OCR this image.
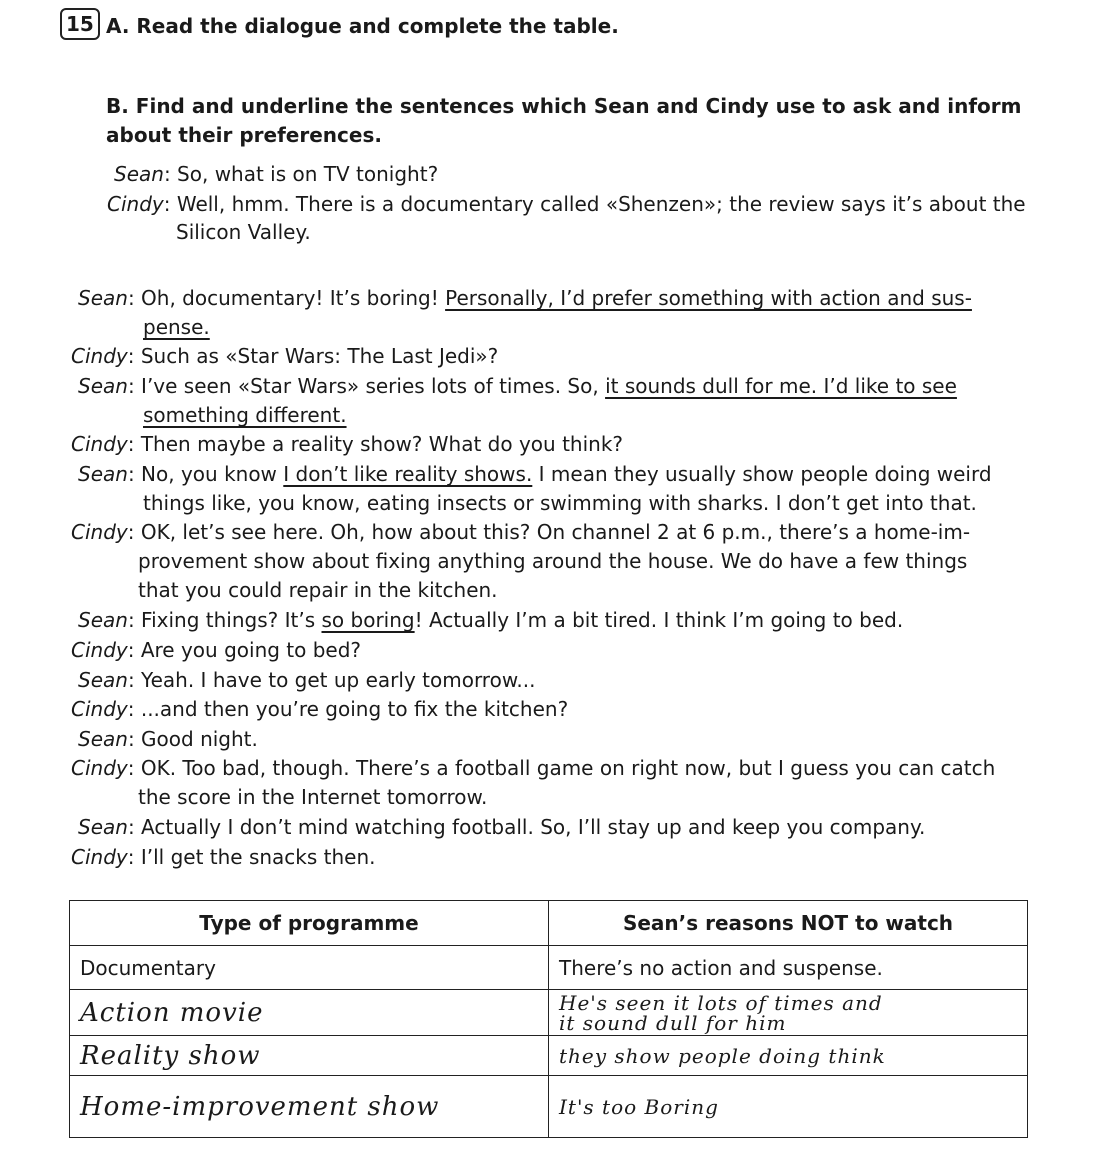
15 A. Read the dialogue and complete the table.
B. Find and underline the sentences which Sean and Cindy use to ask and inform about their preferences.
Sean: So, what is on TV tonight?
Cindy: Well, hmm. There is a documentary called «Shenzen»; the review says it’s about the
Silicon Valley.
Sean: Oh, documentary! It’s boring! Personally, I’d prefer something with action and sus-
pense.
Cindy: Such as «Star Wars: The Last Jedi»?
Sean: I’ve seen «Star Wars» series lots of times. So, it sounds dull for me. I’d like to see
something different.
Cindy: Then maybe a reality show? What do you think?
Sean: No, you know I don’t like reality shows. I mean they usually show people doing weird
things like, you know, eating insects or swimming with sharks. I don’t get into that.
Cindy: OK, let’s see here. Oh, how about this? On channel 2 at 6 p.m., there’s a home-im-
provement show about fixing anything around the house. We do have a few things
that you could repair in the kitchen.
Sean: Fixing things? It’s so boring! Actually I’m a bit tired. I think I’m going to bed.
Cindy: Are you going to bed?
Sean: Yeah. I have to get up early tomorrow...
Cindy: ...and then you’re going to fix the kitchen?
Sean: Good night.
Cindy: OK. Too bad, though. There’s a football game on right now, but I guess you can catch
the score in the Internet tomorrow.
Sean: Actually I don’t mind watching football. So, I’ll stay up and keep you company.
Cindy: I’ll get the snacks then.
Type of programme	Sean’s reasons NOT to watch
Documentary	There’s no action and suspense.
Action movie	He's seen it lots of times and
it sound dull for him

Reality show	they show people doing think
Home-improvement show	It's too Boring
